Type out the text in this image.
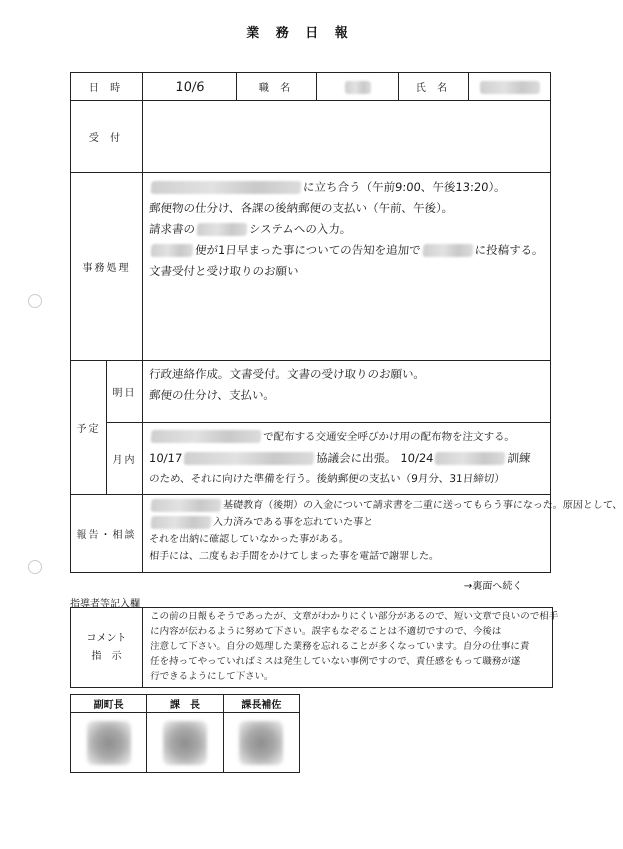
業 務 日 報
日 時		10/6	職 名		氏 名	
受 付						
事務処理		に立ち合う（午前9:00、午後13:20）。
郵便物の仕分け、各課の後納郵便の支払い（午前、午後）。
請求書の システムへの入力。
便が1日早まった事についての告知を追加で に投稿する。
文書受付と受け取りのお願い				

予定	明日	行政連絡作成。文書受付。文書の受け取りのお願い。
郵便の仕分け、支払い。				

	月内	で配布する交通安全呼びかけ用の配布物を注文する。
10/17 協議会に出張。 10/24 訓練
のため、それに向けた準備を行う。後納郵便の支払い（9月分、31日締切）				

報告・相談		基礎教育（後期）の入金について請求書を二重に送ってもらう事になった。原因として、
入力済みである事を忘れていた事と
それを出納に確認していなかった事がある。
相手には、二度もお手間をかけてしまった事を電話で謝罪した。				
→裏面へ続く
指導者等記入欄
コメント
指　示

この前の日報もそうであったが、文章がわかりにくい部分があるので、短い文章で良いので相手
に内容が伝わるように努めて下さい。誤字もなぞることは不適切ですので、今後は
注意して下さい。自分の処理した業務を忘れることが多くなっています。自分の仕事に責
任を持ってやっていればミスは発生していない事例ですので、責任感をもって職務が遂
行できるようにして下さい。
副町長	課　長	課長補佐
